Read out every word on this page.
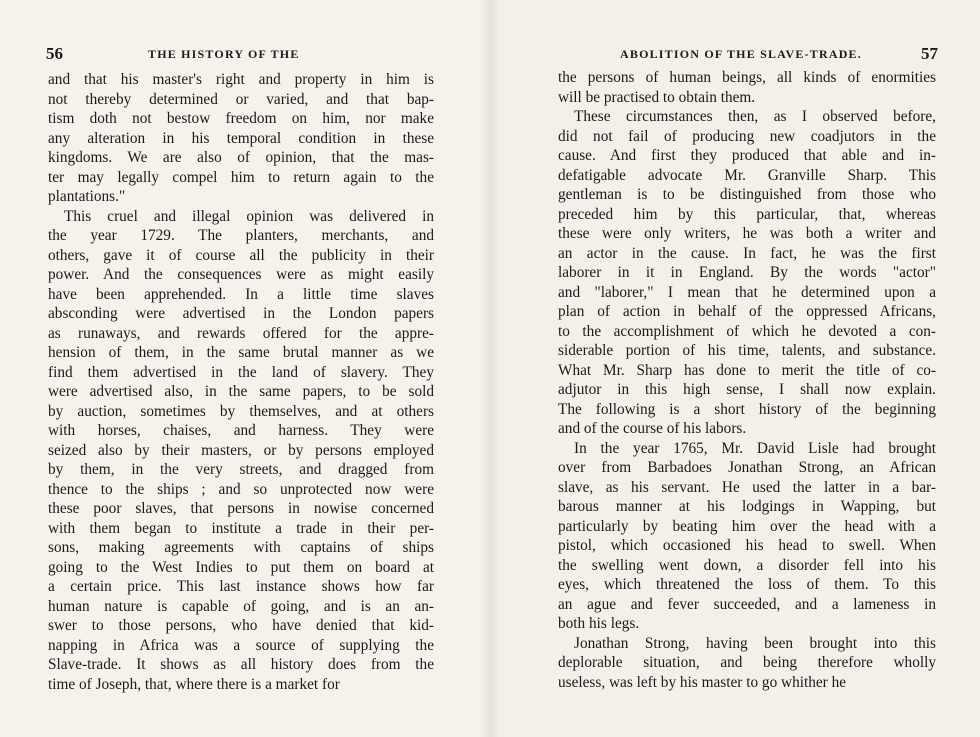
56	THE HISTORY OF THE	ABOLITION OF THE SLAVE-TRADE.	57
and that his master's right and property in him is
not thereby determined or varied, and that bap-
tism doth not bestow freedom on him, nor make
any alteration in his temporal condition in these
kingdoms. We are also of opinion, that the mas-
ter may legally compel him to return again to the
plantations."
This cruel and illegal opinion was delivered in
the year 1729. The planters, merchants, and
others, gave it of course all the publicity in their
power. And the consequences were as might easily
have been apprehended. In a little time slaves
absconding were advertised in the London papers
as runaways, and rewards offered for the appre-
hension of them, in the same brutal manner as we
find them advertised in the land of slavery. They
were advertised also, in the same papers, to be sold
by auction, sometimes by themselves, and at others
with horses, chaises, and harness. They were
seized also by their masters, or by persons employed
by them, in the very streets, and dragged from
thence to the ships ; and so unprotected now were
these poor slaves, that persons in nowise concerned
with them began to institute a trade in their per-
sons, making agreements with captains of ships
going to the West Indies to put them on board at
a certain price. This last instance shows how far
human nature is capable of going, and is an an-
swer to those persons, who have denied that kid-
napping in Africa was a source of supplying the
Slave-trade. It shows as all history does from the
time of Joseph, that, where there is a market for
the persons of human beings, all kinds of enormities
will be practised to obtain them.
These circumstances then, as I observed before,
did not fail of producing new coadjutors in the
cause. And first they produced that able and in-
defatigable advocate Mr. Granville Sharp. This
gentleman is to be distinguished from those who
preceded him by this particular, that, whereas
these were only writers, he was both a writer and
an actor in the cause. In fact, he was the first
laborer in it in England. By the words "actor"
and "laborer," I mean that he determined upon a
plan of action in behalf of the oppressed Africans,
to the accomplishment of which he devoted a con-
siderable portion of his time, talents, and substance.
What Mr. Sharp has done to merit the title of co-
adjutor in this high sense, I shall now explain.
The following is a short history of the beginning
and of the course of his labors.
In the year 1765, Mr. David Lisle had brought
over from Barbadoes Jonathan Strong, an African
slave, as his servant. He used the latter in a bar-
barous manner at his lodgings in Wapping, but
particularly by beating him over the head with a
pistol, which occasioned his head to swell. When
the swelling went down, a disorder fell into his
eyes, which threatened the loss of them. To this
an ague and fever succeeded, and a lameness in
both his legs.
Jonathan Strong, having been brought into this
deplorable situation, and being therefore wholly
useless, was left by his master to go whither he
